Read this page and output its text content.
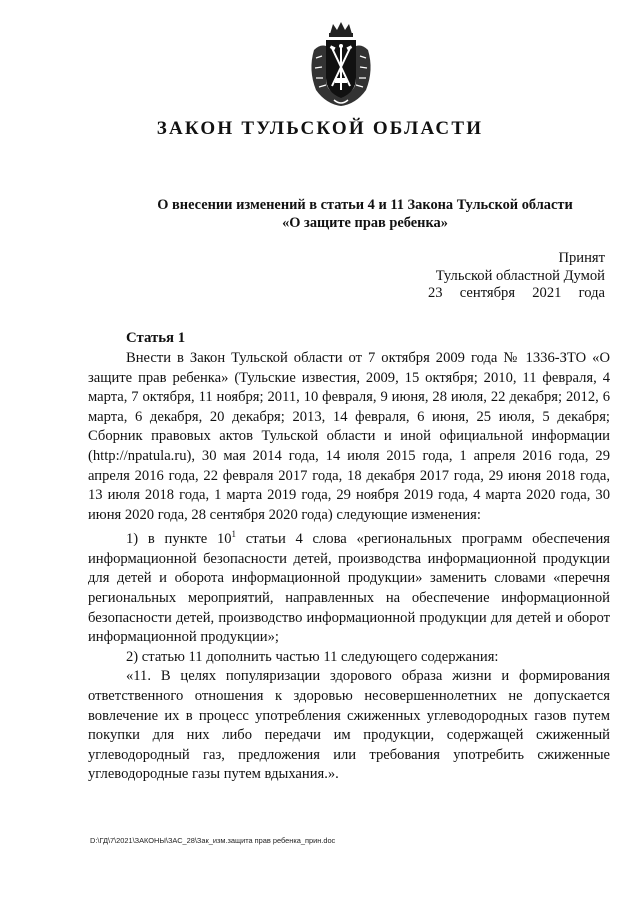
ЗАКОН ТУЛЬСКОЙ ОБЛАСТИ
О внесении изменений в статьи 4 и 11 Закона Тульской области
«О защите прав ребенка»
Принят
Тульской областной Думой
23 сентября 2021 года
Статья 1

Внести в Закон Тульской области от 7 октября 2009 года № 1336-ЗТО «О защите прав ребенка» (Тульские известия, 2009, 15 октября; 2010, 11 февраля, 4 марта, 7 октября, 11 ноября; 2011, 10 февраля, 9 июня, 28 июля, 22 декабря; 2012, 6 марта, 6 декабря, 20 декабря; 2013, 14 февраля, 6 июня, 25 июля, 5 декабря; Сборник правовых актов Тульской области и иной официальной информации (http://npatula.ru), 30 мая 2014 года, 14 июля 2015 года, 1 апреля 2016 года, 29 апреля 2016 года, 22 февраля 2017 года, 18 декабря 2017 года, 29 июня 2018 года, 13 июля 2018 года, 1 марта 2019 года, 29 ноября 2019 года, 4 марта 2020 года, 30 июня 2020 года, 28 сентября 2020 года) следующие изменения:

1) в пункте $10^1$ статьи 4 слова «региональных программ обеспечения информационной безопасности детей, производства информационной продукции для детей и оборота информационной продукции» заменить словами «перечня региональных мероприятий, направленных на обеспечение информационной безопасности детей, производство информационной продукции для детей и оборот информационной продукции»;

2) статью 11 дополнить частью 11 следующего содержания:

«11. В целях популяризации здорового образа жизни и формирования ответственного отношения к здоровью несовершеннолетних не допускается вовлечение их в процесс употребления сжиженных углеводородных газов путем покупки для них либо передачи им продукции, содержащей сжиженный углеводородный газ, предложения или требования употребить сжиженные углеводородные газы путем вдыхания.».

D:\ГД\7\2021\ЗАКОНЫ\ЗАС_28\Зак_изм.защита прав ребенка_прин.doc
